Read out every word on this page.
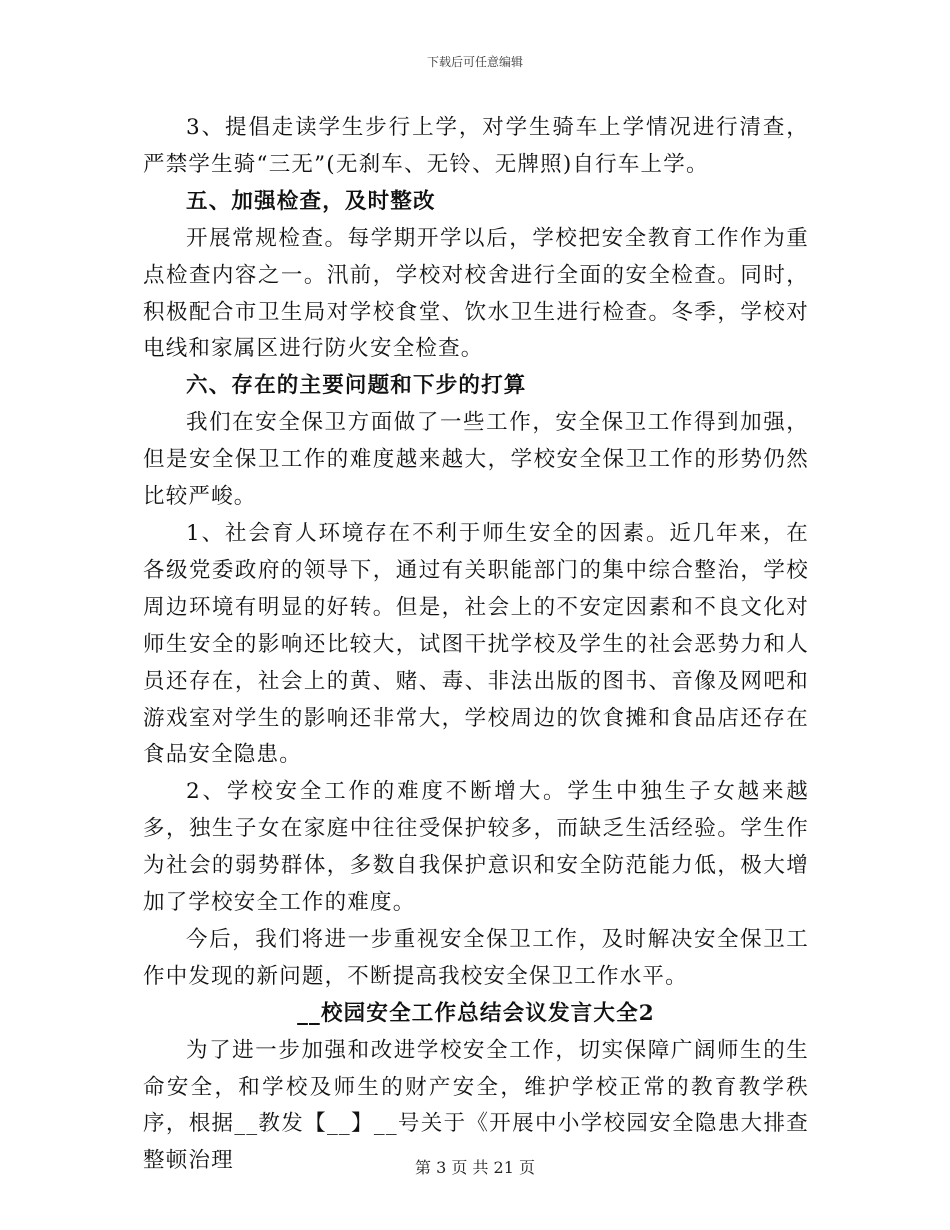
下载后可任意编辑

3、提倡走读学生步行上学，对学生骑车上学情况进行清查，严禁学生骑“三无”(无刹车、无铃、无牌照)自行车上学。

五、加强检查，及时整改

开展常规检查。每学期开学以后，学校把安全教育工作作为重点检查内容之一。汛前，学校对校舍进行全面的安全检查。同时，积极配合市卫生局对学校食堂、饮水卫生进行检查。冬季，学校对电线和家属区进行防火安全检查。

六、存在的主要问题和下步的打算

我们在安全保卫方面做了一些工作，安全保卫工作得到加强，但是安全保卫工作的难度越来越大，学校安全保卫工作的形势仍然比较严峻。

1、社会育人环境存在不利于师生安全的因素。近几年来，在各级党委政府的领导下，通过有关职能部门的集中综合整治，学校周边环境有明显的好转。但是，社会上的不安定因素和不良文化对师生安全的影响还比较大，试图干扰学校及学生的社会恶势力和人员还存在，社会上的黄、赌、毒、非法出版的图书、音像及网吧和游戏室对学生的影响还非常大，学校周边的饮食摊和食品店还存在食品安全隐患。

2、学校安全工作的难度不断增大。学生中独生子女越来越多，独生子女在家庭中往往受保护较多，而缺乏生活经验。学生作为社会的弱势群体，多数自我保护意识和安全防范能力低，极大增加了学校安全工作的难度。

今后，我们将进一步重视安全保卫工作，及时解决安全保卫工作中发现的新问题，不断提高我校安全保卫工作水平。

__校园安全工作总结会议发言大全2

为了进一步加强和改进学校安全工作，切实保障广阔师生的生命安全，和学校及师生的财产安全，维护学校正常的教育教学秩序，根据__教发【__】__号关于《开展中小学校园安全隐患大排查整顿治理	第 3 页 共 21 页
